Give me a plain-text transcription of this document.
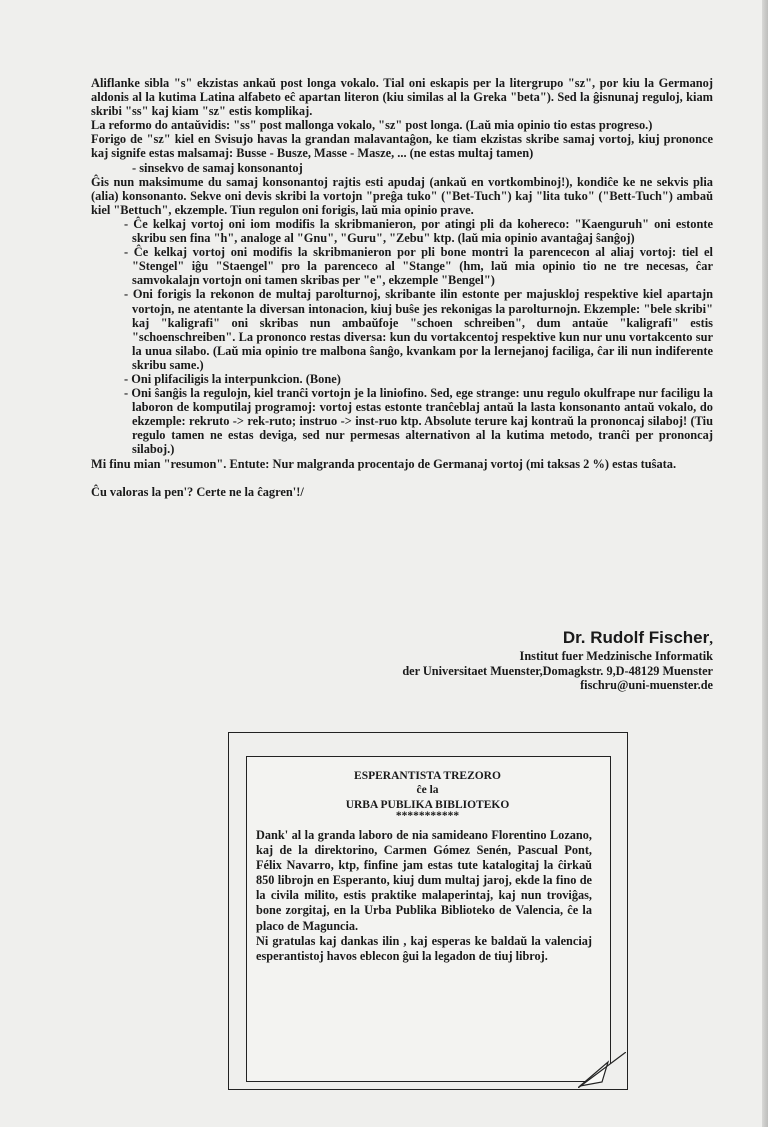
Aliflanke sibla "s" ekzistas ankaŭ post longa vokalo. Tial oni eskapis per la litergrupo "sz", por kiu la Germanoj aldonis al la kutima Latina alfabeto eĉ apartan literon (kiu similas al la Greka "beta"). Sed la ĝisnunaj reguloj, kiam skribi "ss" kaj kiam "sz" estis komplikaj.

La reformo do antaŭvidis: "ss" post mallonga vokalo, "sz" post longa. (Laŭ mia opinio tio estas progreso.)

Forigo de "sz" kiel en Svisujo havas la grandan malavantaĝon, ke tiam ekzistas skribe samaj vortoj, kiuj prononce kaj signife estas malsamaj: Busse - Busze, Masse - Masze, ... (ne estas multaj tamen)

- sinsekvo de samaj konsonantoj

Ĝis nun maksimume du samaj konsonantoj rajtis esti apudaj (ankaŭ en vortkombinoj!), kondiĉe ke ne sekvis plia (alia) konsonanto. Sekve oni devis skribi la vortojn "preĝa tuko" ("Bet-Tuch") kaj "lita tuko" ("Bett-Tuch") ambaŭ kiel "Bettuch", ekzemple. Tiun regulon oni forigis, laŭ mia opinio prave.

- Ĉe kelkaj vortoj oni iom modifis la skribmanieron, por atingi pli da kohereco: "Kaenguruh" oni estonte skribu sen fina "h", analoge al "Gnu", "Guru", "Zebu" ktp. (laŭ mia opinio avantaĝaj ŝanĝoj)

- Ĉe kelkaj vortoj oni modifis la skribmanieron por pli bone montri la parencecon al aliaj vortoj: tiel el "Stengel" iĝu "Staengel" pro la parenceco al "Stange" (hm, laŭ mia opinio tio ne tre necesas, ĉar samvokalajn vortojn oni tamen skribas per "e", ekzemple "Bengel")

- Oni forigis la rekonon de multaj parolturnoj, skribante ilin estonte per majuskloj respektive kiel apartajn vortojn, ne atentante la diversan intonacion, kiuj buŝe jes rekonigas la parolturnojn. Ekzemple: "bele skribi" kaj "kaligrafi" oni skribas nun ambaŭfoje "schoen schreiben", dum antaŭe "kaligrafi" estis "schoenschreiben". La prononco restas diversa: kun du vortakcentoj respektive kun nur unu vortakcento sur la unua silabo. (Laŭ mia opinio tre malbona ŝanĝo, kvankam por la lernejanoj faciliga, ĉar ili nun indiferente skribu same.)

- Oni plifaciligis la interpunkcion. (Bone)

- Oni ŝanĝis la regulojn, kiel tranĉi vortojn je la liniofino. Sed, ege strange: unu regulo okulfrape nur faciligu la laboron de komputilaj programoj: vortoj estas estonte tranĉeblaj antaŭ la lasta konsonanto antaŭ vokalo, do ekzemple: rekruto -> rek-ruto; instruo -> inst-ruo ktp. Absolute terure kaj kontraŭ la prononcaj silaboj! (Tiu regulo tamen ne estas deviga, sed nur permesas alternativon al la kutima metodo, tranĉi per prononcaj silaboj.)

Mi finu mian "resumon". Entute: Nur malgranda procentajo de Germanaj vortoj (mi taksas 2 %) estas tuŝata.

Ĉu valoras la pen'? Certe ne la ĉagren'!/

Dr. Rudolf Fischer,
Institut fuer Medzinische Informatik
der Universitaet Muenster,Domagkstr. 9,D-48129 Muenster
fischru@uni-muenster.de
ESPERANTISTA TREZORO
ĉe la
URBA PUBLIKA BIBLIOTEKO
***********

Dank' al la granda laboro de nia samideano Florentino Lozano, kaj de la direktorino, Carmen Gómez Senén, Pascual Pont, Félix Navarro, ktp, finfine jam estas tute katalogitaj la ĉirkaŭ 850 librojn en Esperanto, kiuj dum multaj jaroj, ekde la fino de la civila milito, estis praktike malaperintaj, kaj nun troviĝas, bone zorgitaj, en la Urba Publika Biblioteko de Valencia, ĉe la placo de Maguncia.

Ni gratulas kaj dankas ilin , kaj esperas ke baldaŭ la valenciaj esperantistoj havos eblecon ĝui la legadon de tiuj libroj.
